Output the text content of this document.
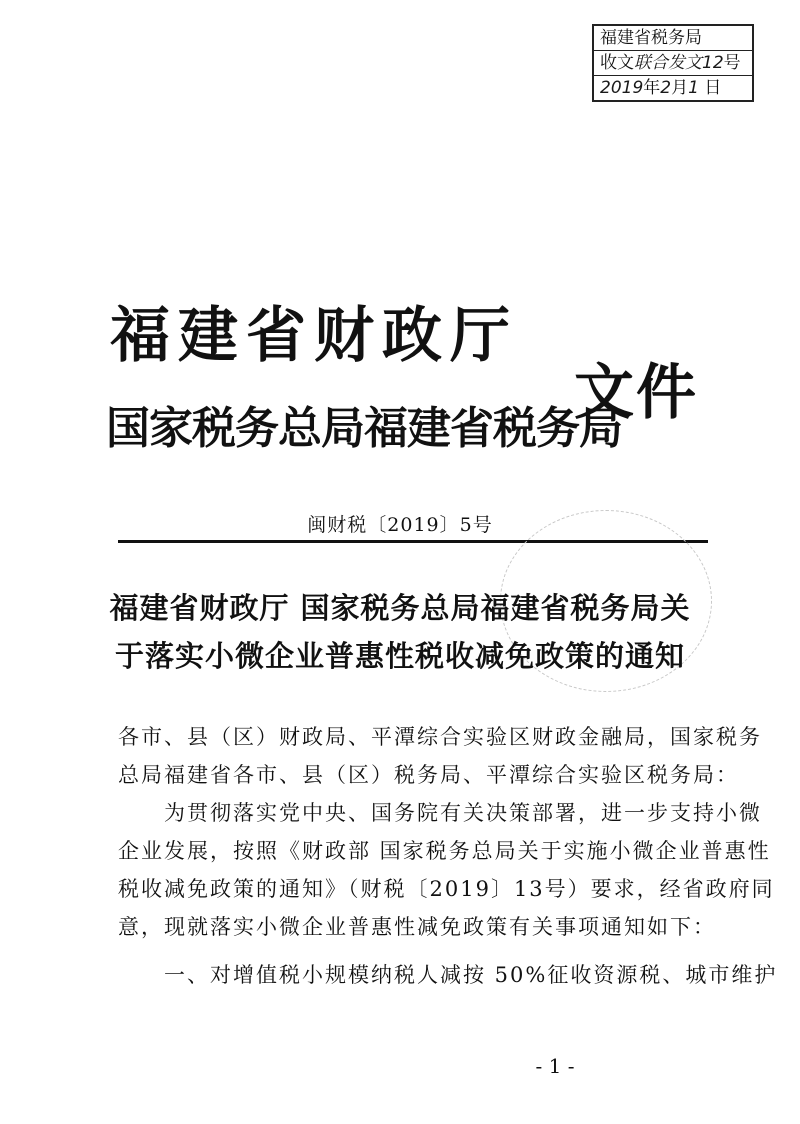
福建省税务局
收文联合发文12号
2019年2月1 日
福建省财政厅
国家税务总局福建省税务局
文件
闽财税〔2019〕5号
福建省财政厅 国家税务总局福建省税务局关
于落实小微企业普惠性税收减免政策的通知
各市、县（区）财政局、平潭综合实验区财政金融局，国家税务
总局福建省各市、县（区）税务局、平潭综合实验区税务局：
　　为贯彻落实党中央、国务院有关决策部署，进一步支持小微
企业发展，按照《财政部 国家税务总局关于实施小微企业普惠性
税收减免政策的通知》（财税〔2019〕13号）要求，经省政府同
意，现就落实小微企业普惠性减免政策有关事项通知如下：
　　一、对增值税小规模纳税人减按 50%征收资源税、城市维护
- 1 -
